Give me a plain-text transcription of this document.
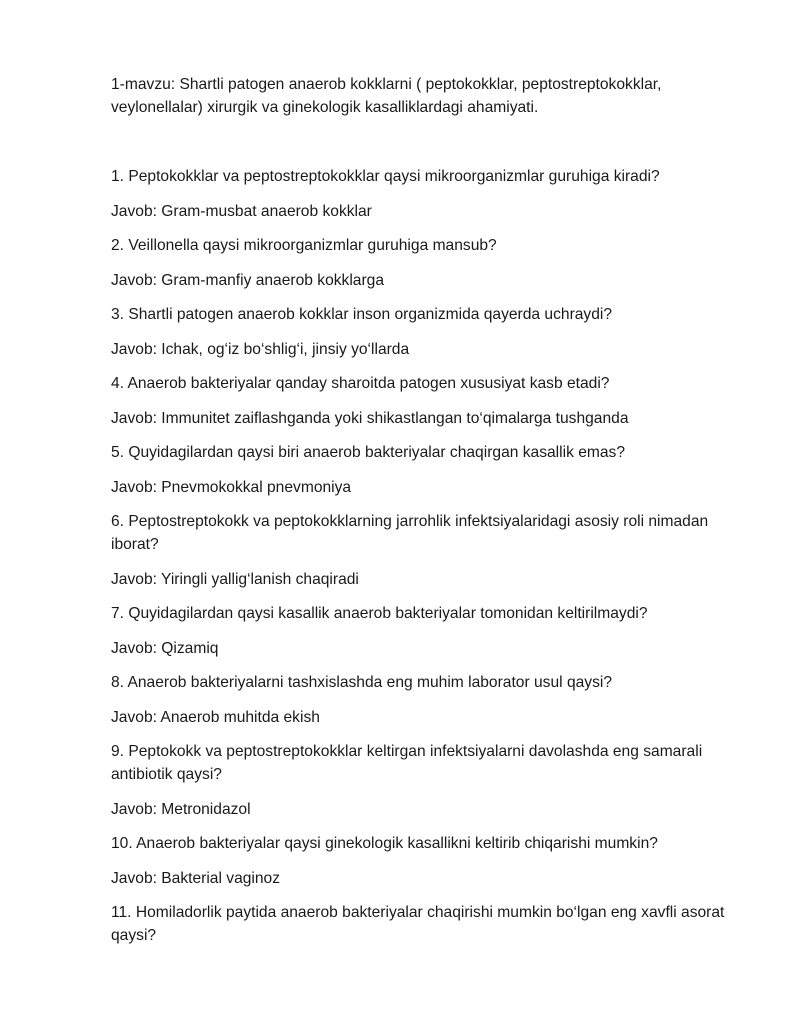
1-mavzu: Shartli patogen anaerob kokklarni ( peptokokklar, peptostreptokokklar, veylonellalar) xirurgik va ginekologik kasalliklardagi ahamiyati.

1. Peptokokklar va peptostreptokokklar qaysi mikroorganizmlar guruhiga kiradi?

Javob: Gram-musbat anaerob kokklar

2. Veillonella qaysi mikroorganizmlar guruhiga mansub?

Javob: Gram-manfiy anaerob kokklarga

3. Shartli patogen anaerob kokklar inson organizmida qayerda uchraydi?

Javob: Ichak, og‘iz bo‘shlig‘i, jinsiy yo‘llarda

4. Anaerob bakteriyalar qanday sharoitda patogen xususiyat kasb etadi?

Javob: Immunitet zaiflashganda yoki shikastlangan to‘qimalarga tushganda

5. Quyidagilardan qaysi biri anaerob bakteriyalar chaqirgan kasallik emas?

Javob: Pnevmokokkal pnevmoniya

6. Peptostreptokokk va peptokokklarning jarrohlik infektsiyalaridagi asosiy roli nimadan iborat?

Javob: Yiringli yallig‘lanish chaqiradi

7. Quyidagilardan qaysi kasallik anaerob bakteriyalar tomonidan keltirilmaydi?

Javob: Qizamiq

8. Anaerob bakteriyalarni tashxislashda eng muhim laborator usul qaysi?

Javob: Anaerob muhitda ekish

9. Peptokokk va peptostreptokokklar keltirgan infektsiyalarni davolashda eng samarali antibiotik qaysi?

Javob: Metronidazol

10. Anaerob bakteriyalar qaysi ginekologik kasallikni keltirib chiqarishi mumkin?

Javob: Bakterial vaginoz

11. Homiladorlik paytida anaerob bakteriyalar chaqirishi mumkin bo‘lgan eng xavfli asorat qaysi?
